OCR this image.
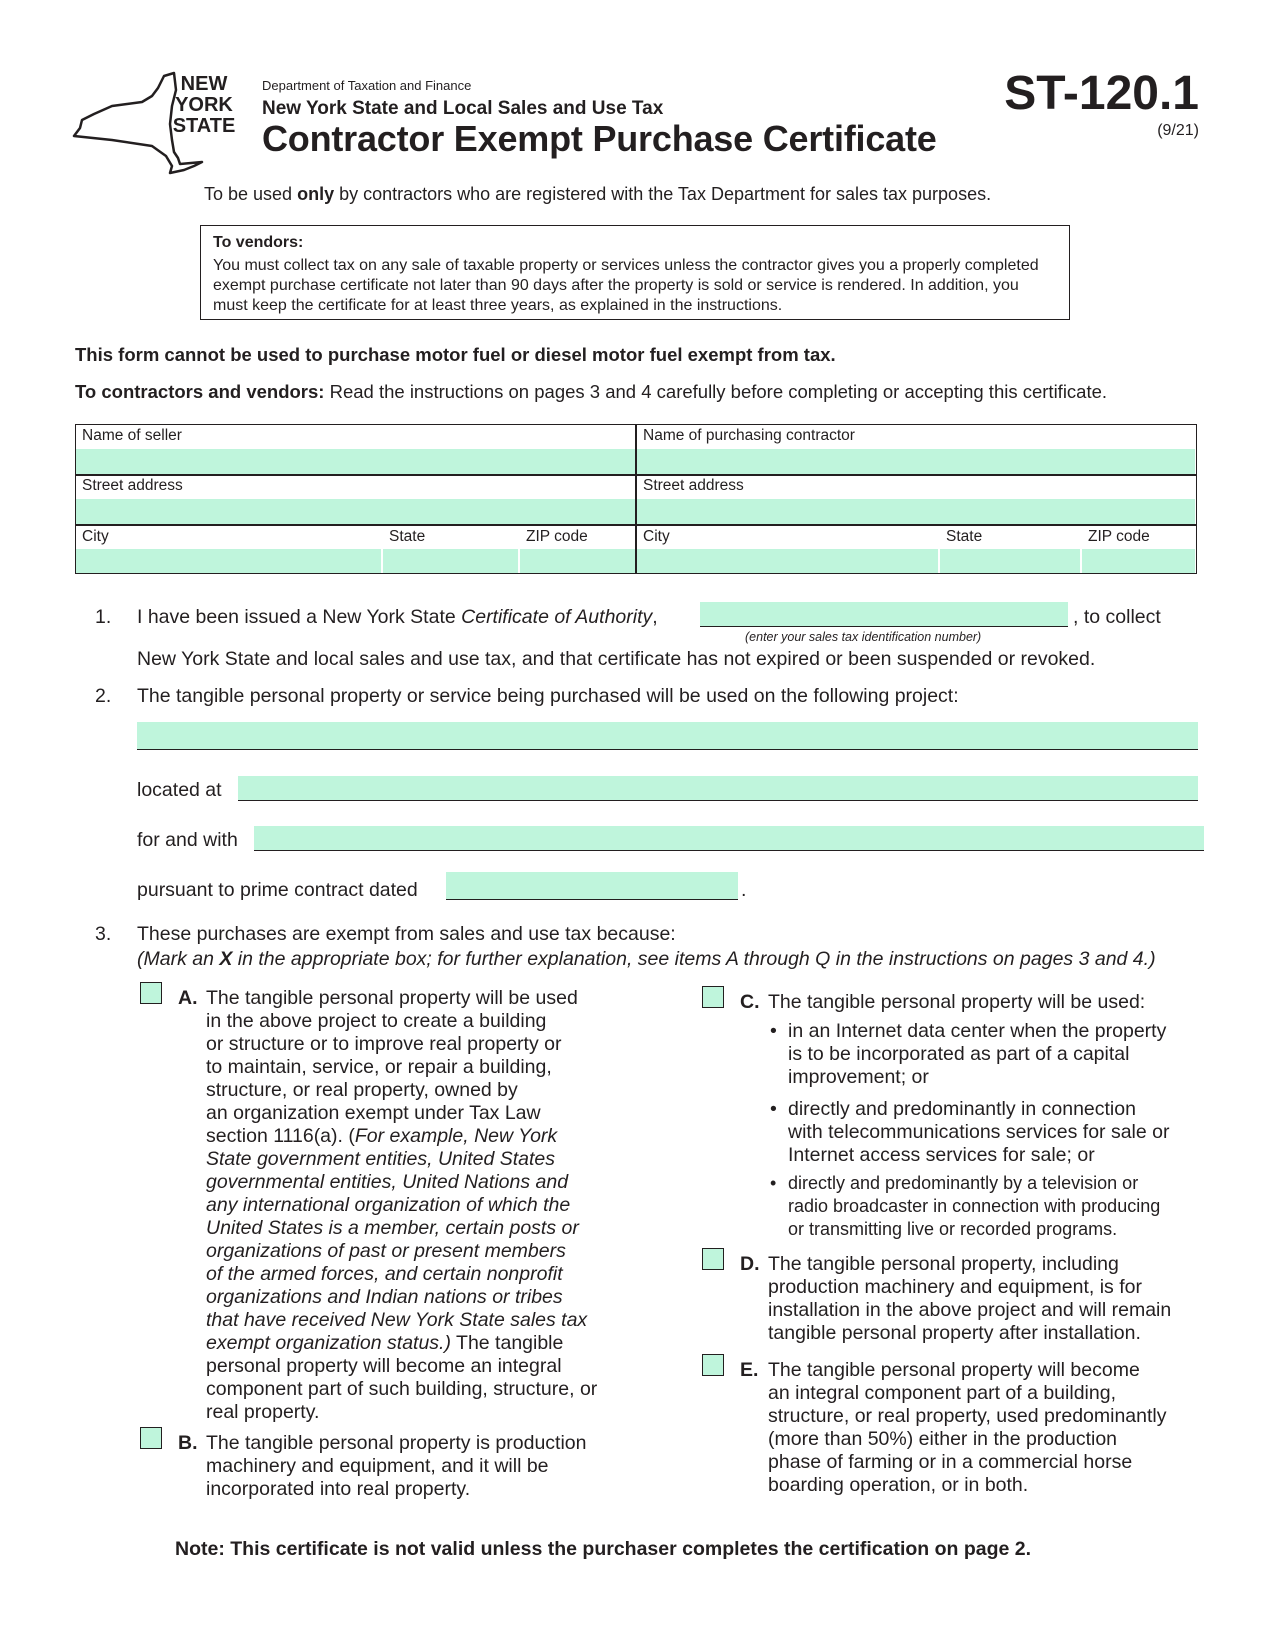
NEW
YORK
STATE
Department of Taxation and Finance
New York State and Local Sales and Use Tax
Contractor Exempt Purchase Certificate
ST-120.1
(9/21)
To be used only by contractors who are registered with the Tax Department for sales tax purposes.
To vendors:
You must collect tax on any sale of taxable property or services unless the contractor gives you a properly completed exempt purchase certificate not later than 90 days after the property is sold or service is rendered. In addition, you must keep the certificate for at least three years, as explained in the instructions.
This form cannot be used to purchase motor fuel or diesel motor fuel exempt from tax.
To contractors and vendors: Read the instructions on pages 3 and 4 carefully before completing or accepting this certificate.
Name of seller	Name of purchasing contractor
Street address	Street address
City	State	ZIP code	City	State	ZIP code
1. I have been issued a New York State Certificate of Authority,	, to collect
(enter your sales tax identification number)
New York State and local sales and use tax, and that certificate has not expired or been suspended or revoked.
2. The tangible personal property or service being purchased will be used on the following project:
located at
for and with
pursuant to prime contract dated	.
3. These purchases are exempt from sales and use tax because:
(Mark an X in the appropriate box; for further explanation, see items A through Q in the instructions on pages 3 and 4.)
A. The tangible personal property will be used
in the above project to create a building
or structure or to improve real property or
to maintain, service, or repair a building,
structure, or real property, owned by
an organization exempt under Tax Law
section 1116(a). (For example, New York
State government entities, United States
governmental entities, United Nations and
any international organization of which the
United States is a member, certain posts or
organizations of past or present members
of the armed forces, and certain nonprofit
organizations and Indian nations or tribes
that have received New York State sales tax
exempt organization status.) The tangible
personal property will become an integral
component part of such building, structure, or
real property.
B. The tangible personal property is production
machinery and equipment, and it will be
incorporated into real property.
C. The tangible personal property will be used:
• in an Internet data center when the property
is to be incorporated as part of a capital
improvement; or
• directly and predominantly in connection
with telecommunications services for sale or
Internet access services for sale; or
• directly and predominantly by a television or
radio broadcaster in connection with producing
or transmitting live or recorded programs.
D. The tangible personal property, including
production machinery and equipment, is for
installation in the above project and will remain
tangible personal property after installation.
E. The tangible personal property will become
an integral component part of a building,
structure, or real property, used predominantly
(more than 50%) either in the production
phase of farming or in a commercial horse
boarding operation, or in both.
Note: This certificate is not valid unless the purchaser completes the certification on page 2.
